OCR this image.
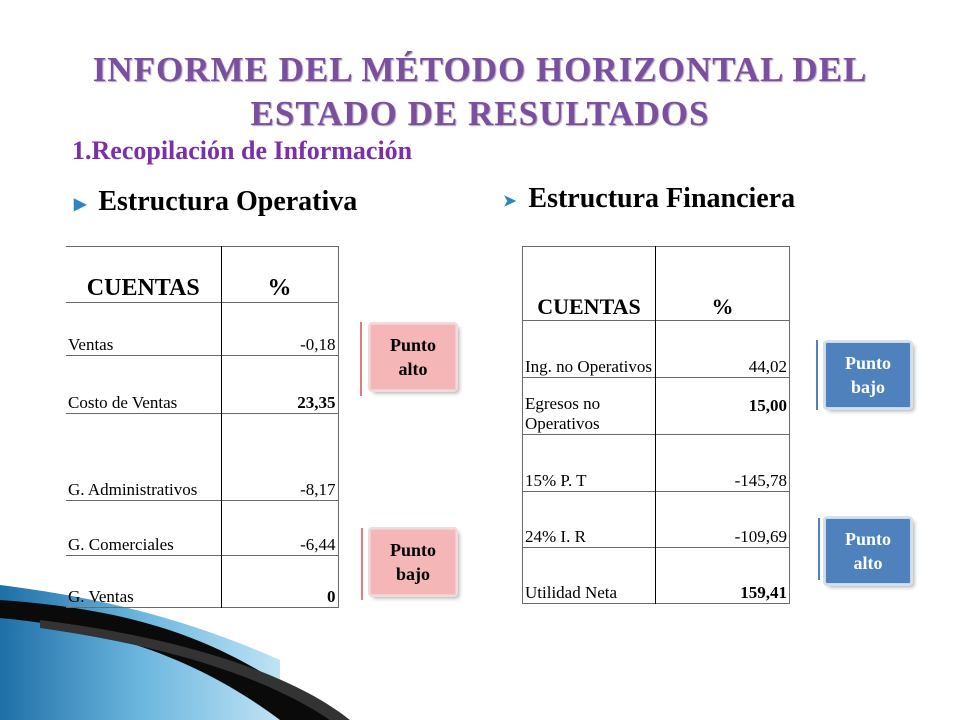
INFORME DEL MÉTODO HORIZONTAL DEL
ESTADO DE RESULTADOS
1.Recopilación de Información
▶ Estructura Operativa	➤ Estructura Financiera
CUENTAS	%
Ventas	-0,18
Costo de Ventas	23,35
G. Administrativos	-8,17
G. Comerciales	-6,44
G. Ventas	0
CUENTAS	%
Ing. no Operativos	44,02
Egresos no Operativos	15,00
15% P. T	-145,78
24% I. R	-109,69
Utilidad Neta	159,41
Punto alto
Punto bajo
Punto bajo
Punto alto
